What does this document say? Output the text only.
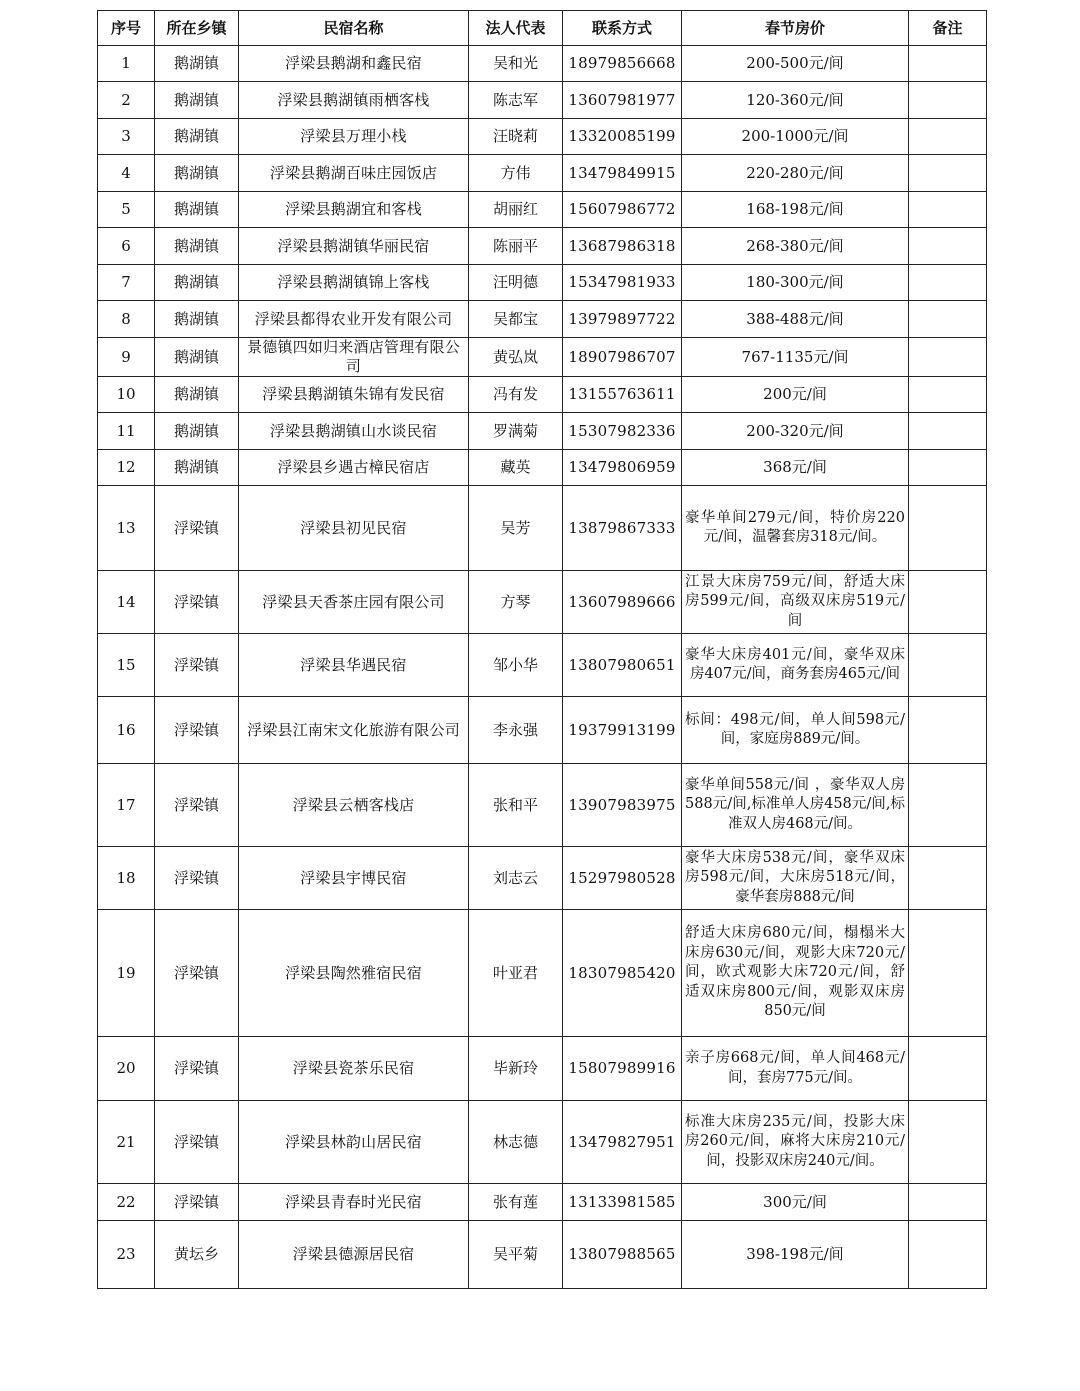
序号	所在乡镇	民宿名称	法人代表	联系方式	春节房价	备注
1	鹅湖镇	浮梁县鹅湖和鑫民宿	吴和光	18979856668	200-500元/间	
2	鹅湖镇	浮梁县鹅湖镇雨栖客栈	陈志军	13607981977	120-360元/间	
3	鹅湖镇	浮梁县万理小栈	汪晓莉	13320085199	200-1000元/间	
4	鹅湖镇	浮梁县鹅湖百味庄园饭店	方伟	13479849915	220-280元/间	
5	鹅湖镇	浮梁县鹅湖宜和客栈	胡丽红	15607986772	168-198元/间	
6	鹅湖镇	浮梁县鹅湖镇华丽民宿	陈丽平	13687986318	268-380元/间	
7	鹅湖镇	浮梁县鹅湖镇锦上客栈	汪明德	15347981933	180-300元/间	
8	鹅湖镇	浮梁县都得农业开发有限公司	吴都宝	13979897722	388-488元/间	
9	鹅湖镇	景德镇四如归来酒店管理有限公司	黄弘岚	18907986707	767-1135元/间	
10	鹅湖镇	浮梁县鹅湖镇朱锦有发民宿	冯有发	13155763611	200元/间	
11	鹅湖镇	浮梁县鹅湖镇山水谈民宿	罗满菊	15307982336	200-320元/间	
12	鹅湖镇	浮梁县乡遇古樟民宿店	藏英	13479806959	368元/间	
13	浮梁镇	浮梁县初见民宿	吴芳	13879867333	豪华单间279元/间，特价房220元/间，温馨套房318元/间。	
14	浮梁镇	浮梁县天香茶庄园有限公司	方琴	13607989666	江景大床房759元/间，舒适大床房599元/间，高级双床房519元/间	
15	浮梁镇	浮梁县华遇民宿	邹小华	13807980651	豪华大床房401元/间，豪华双床房407元/间，商务套房465元/间	
16	浮梁镇	浮梁县江南宋文化旅游有限公司	李永强	19379913199	标间：498元/间，单人间598元/间，家庭房889元/间。	
17	浮梁镇	浮梁县云栖客栈店	张和平	13907983975	豪华单间558元/间 ，豪华双人房588元/间,标准单人房458元/间,标准双人房468元/间。	
18	浮梁镇	浮梁县宇博民宿	刘志云	15297980528	豪华大床房538元/间，豪华双床房598元/间，大床房518元/间，豪华套房888元/间	
19	浮梁镇	浮梁县陶然雅宿民宿	叶亚君	18307985420	舒适大床房680元/间，榻榻米大床房630元/间，观影大床720元/间，欧式观影大床720元/间，舒适双床房800元/间，观影双床房850元/间	
20	浮梁镇	浮梁县瓷茶乐民宿	毕新玲	15807989916	亲子房668元/间，单人间468元/间，套房775元/间。	
21	浮梁镇	浮梁县林韵山居民宿	林志德	13479827951	标准大床房235元/间，投影大床房260元/间，麻将大床房210元/间，投影双床房240元/间。	
22	浮梁镇	浮梁县青春时光民宿	张有莲	13133981585	300元/间	
23	黄坛乡	浮梁县德源居民宿	吴平菊	13807988565	398-198元/间	
